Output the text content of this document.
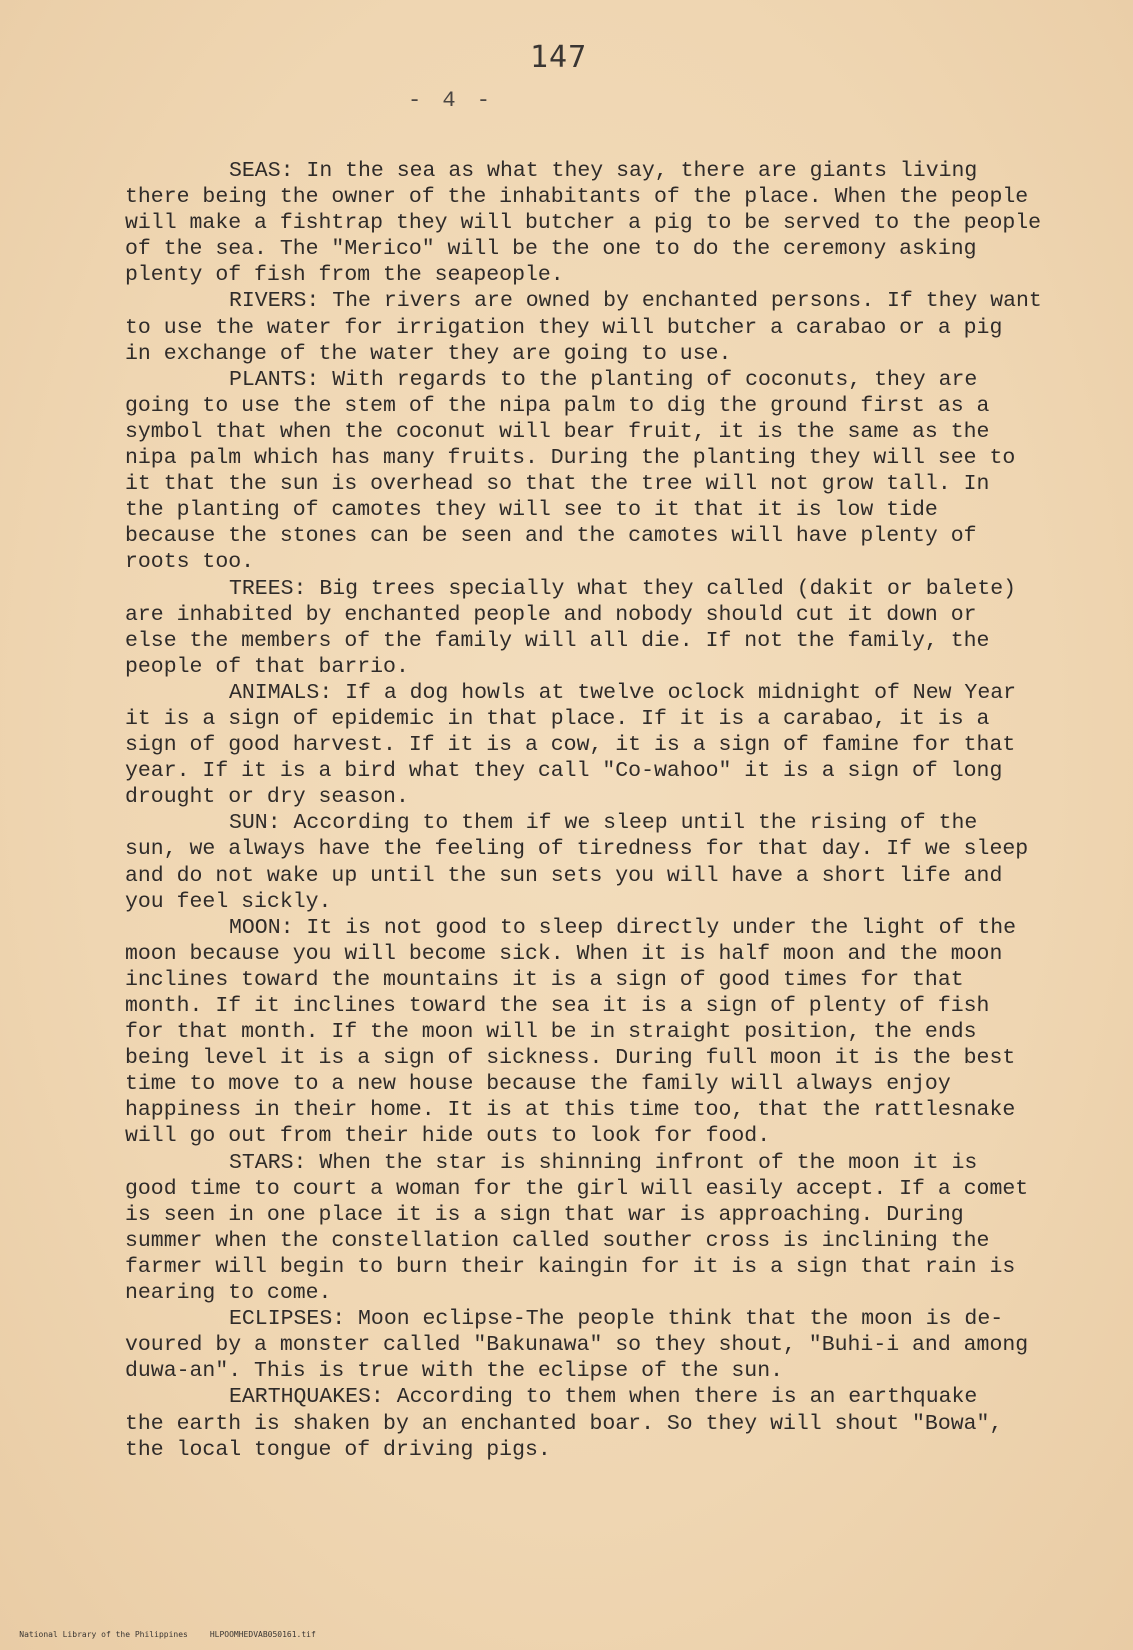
147
- 4 -
SEAS: In the sea as what they say, there are giants living
there being the owner of the inhabitants of the place. When the people
will make a fishtrap they will butcher a pig to be served to the people
of the sea. The "Merico" will be the one to do the ceremony asking
plenty of fish from the seapeople.
RIVERS: The rivers are owned by enchanted persons. If they want
to use the water for irrigation they will butcher a carabao or a pig
in exchange of the water they are going to use.
PLANTS: With regards to the planting of coconuts, they are
going to use the stem of the nipa palm to dig the ground first as a
symbol that when the coconut will bear fruit, it is the same as the
nipa palm which has many fruits. During the planting they will see to
it that the sun is overhead so that the tree will not grow tall. In
the planting of camotes they will see to it that it is low tide
because the stones can be seen and the camotes will have plenty of
roots too.
TREES: Big trees specially what they called (dakit or balete)
are inhabited by enchanted people and nobody should cut it down or
else the members of the family will all die. If not the family, the
people of that barrio.
ANIMALS: If a dog howls at twelve oclock midnight of New Year
it is a sign of epidemic in that place. If it is a carabao, it is a
sign of good harvest. If it is a cow, it is a sign of famine for that
year. If it is a bird what they call "Co-wahoo" it is a sign of long
drought or dry season.
SUN: According to them if we sleep until the rising of the
sun, we always have the feeling of tiredness for that day. If we sleep
and do not wake up until the sun sets you will have a short life and
you feel sickly.
MOON: It is not good to sleep directly under the light of the
moon because you will become sick. When it is half moon and the moon
inclines toward the mountains it is a sign of good times for that
month. If it inclines toward the sea it is a sign of plenty of fish
for that month. If the moon will be in straight position, the ends
being level it is a sign of sickness. During full moon it is the best
time to move to a new house because the family will always enjoy
happiness in their home. It is at this time too, that the rattlesnake
will go out from their hide outs to look for food.
STARS: When the star is shinning infront of the moon it is
good time to court a woman for the girl will easily accept. If a comet
is seen in one place it is a sign that war is approaching. During
summer when the constellation called souther cross is inclining the
farmer will begin to burn their kaingin for it is a sign that rain is
nearing to come.
ECLIPSES: Moon eclipse-The people think that the moon is de-
voured by a monster called "Bakunawa" so they shout, "Buhi-i and among
duwa-an". This is true with the eclipse of the sun.
EARTHQUAKES: According to them when there is an earthquake
the earth is shaken by an enchanted boar. So they will shout "Bowa",
the local tongue of driving pigs.

National Library of the Philippines	HLPOOMHEDVAB050161.tif
